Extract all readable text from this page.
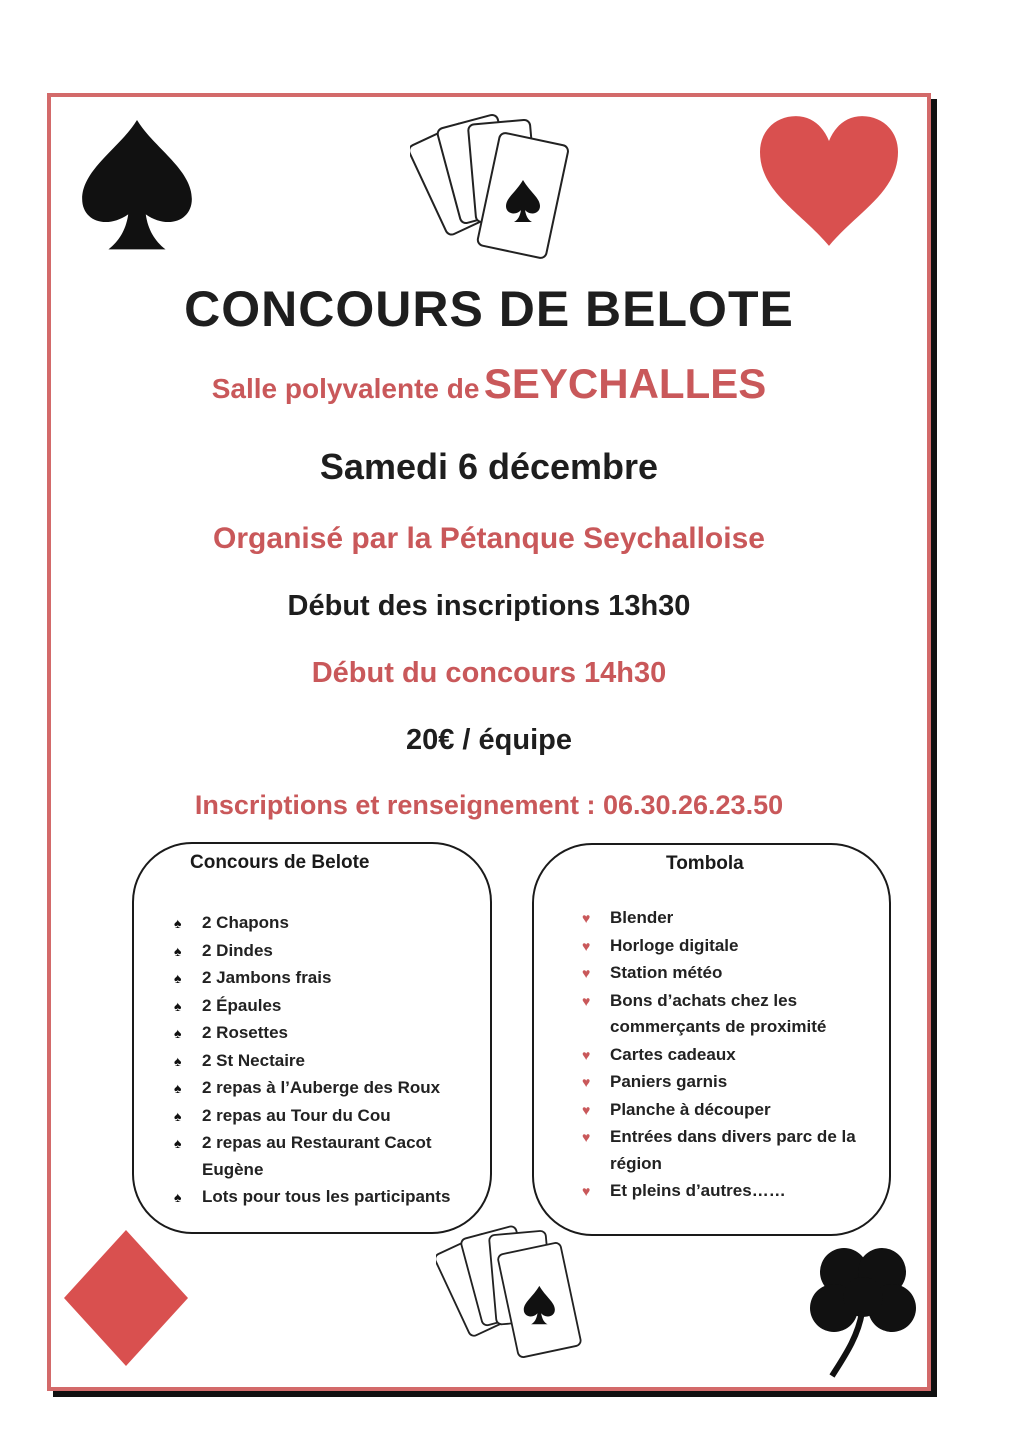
CONCOURS DE BELOTE
Salle polyvalente de SEYCHALLES
Samedi 6 décembre
Organisé par la Pétanque Seychalloise
Début des inscriptions 13h30
Début du concours 14h30
20€ / équipe
Inscriptions et renseignement : 06.30.26.23.50
Concours de Belote
♠ 2 Chapons
♠ 2 Dindes
♠ 2 Jambons frais
♠ 2 Épaules
♠ 2 Rosettes
♠ 2 St Nectaire
♠ 2 repas à l’Auberge des Roux
♠ 2 repas au Tour du Cou
♠ 2 repas au Restaurant Cacot Eugène
♠ Lots pour tous les participants
Tombola
♥ Blender
♥ Horloge digitale
♥ Station météo
♥ Bons d’achats chez les commerçants de proximité
♥ Cartes cadeaux
♥ Paniers garnis
♥ Planche à découper
♥ Entrées dans divers parc de la région
♥ Et pleins d’autres……
